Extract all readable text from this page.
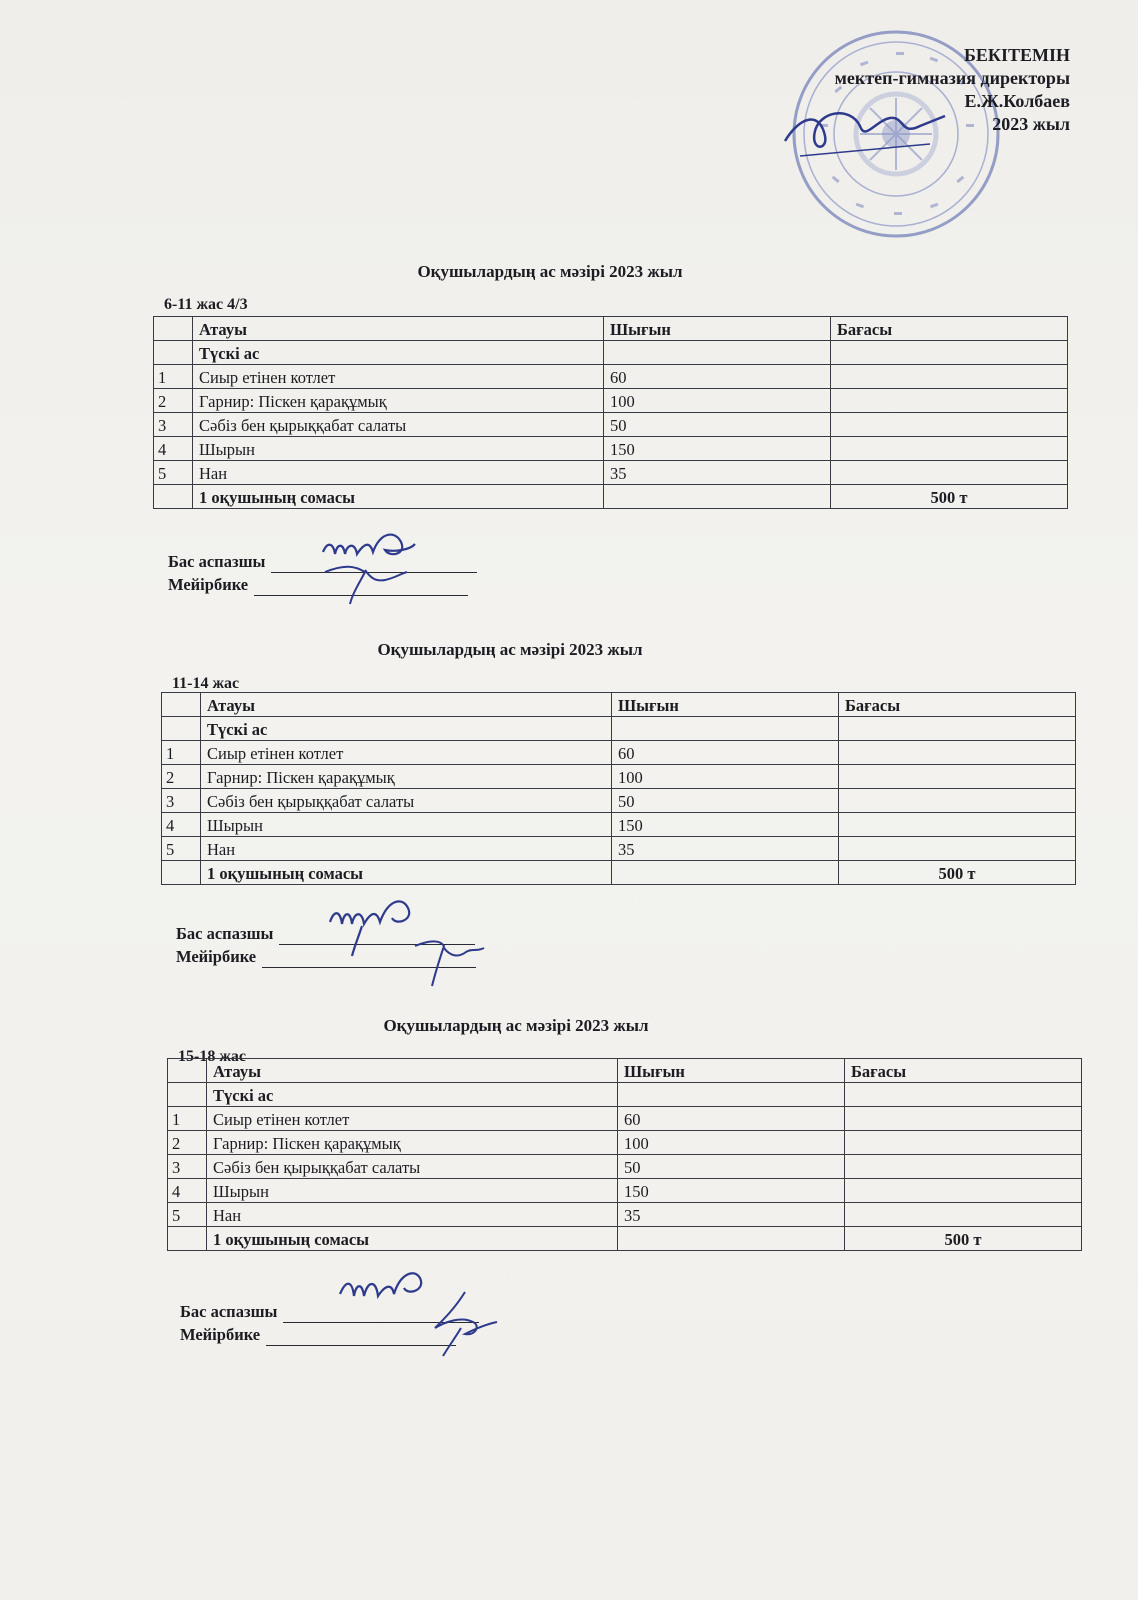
БЕКІТЕМІН
мектеп-гимназия директоры
Е.Ж.Колбаев
2023 жыл
Оқушылардың ас мәзірі 2023 жыл
6-11 жас 4/3
	Атауы	Шығын	Бағасы
	Түскі ас		
1	Сиыр етінен котлет	60	
2	Гарнир: Піскен қарақұмық	100	
3	Сәбіз бен қырыққабат салаты	50	
4	Шырын	150	
5	Нан	35	
	1 оқушының сомасы		500 т
Бас аспазшы
Мейірбике
Оқушылардың ас мәзірі 2023 жыл
11-14 жас
	Атауы	Шығын	Бағасы
	Түскі ас		
1	Сиыр етінен котлет	60	
2	Гарнир: Піскен қарақұмық	100	
3	Сәбіз бен қырыққабат салаты	50	
4	Шырын	150	
5	Нан	35	
	1 оқушының сомасы		500 т
Бас аспазшы
Мейірбике
Оқушылардың ас мәзірі 2023 жыл
15-18 жас
	Атауы	Шығын	Бағасы
	Түскі ас		
1	Сиыр етінен котлет	60	
2	Гарнир: Піскен қарақұмық	100	
3	Сәбіз бен қырыққабат салаты	50	
4	Шырын	150	
5	Нан	35	
	1 оқушының сомасы		500 т
Бас аспазшы
Мейірбике
